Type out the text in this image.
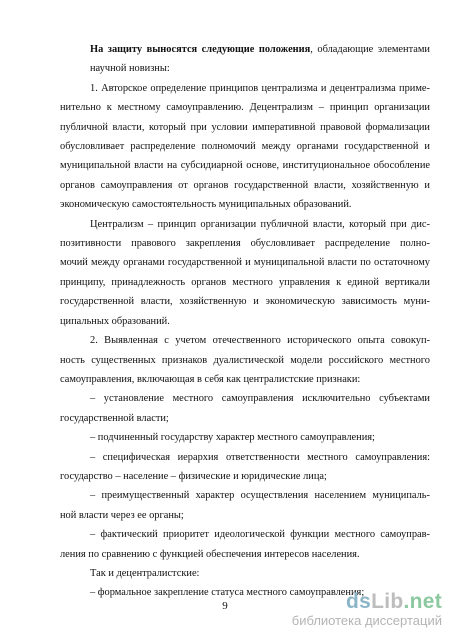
На защиту выносятся следующие положения, обладающие элементами
научной новизны:

1. Авторское определение принципов централизма и децентрализма приме-
нительно к местному самоуправлению. Децентрализм – принцип организации
публичной власти, который при условии императивной правовой формализации
обусловливает распределение полномочий между органами государственной и
муниципальной власти на субсидиарной основе, институциональное обособление
органов самоуправления от органов государственной власти, хозяйственную и
экономическую самостоятельность муниципальных образований.

Централизм – принцип организации публичной власти, который при дис-
позитивности правового закрепления обусловливает распределение полно-
мочий между органами государственной и муниципальной власти по остаточному
принципу, принадлежность органов местного управления к единой вертикали
государственной власти, хозяйственную и экономическую зависимость муни-
ципальных образований.

2. Выявленная с учетом отечественного исторического опыта совокуп-
ность существенных признаков дуалистической модели российского местного
самоуправления, включающая в себя как централистские признаки:

– установление местного самоуправления исключительно субъектами
государственной власти;

– подчиненный государству характер местного самоуправления;

– специфическая иерархия ответственности местного самоуправления:
государство – население – физические и юридические лица;

– преимущественный характер осуществления населением муниципаль-
ной власти через ее органы;

– фактический приоритет идеологической функции местного самоуправ-
ления по сравнению с функцией обеспечения интересов населения.

Так и децентралистские:

– формальное закрепление статуса местного самоуправления;

9	dsLib.net
библиотека диссертаций
